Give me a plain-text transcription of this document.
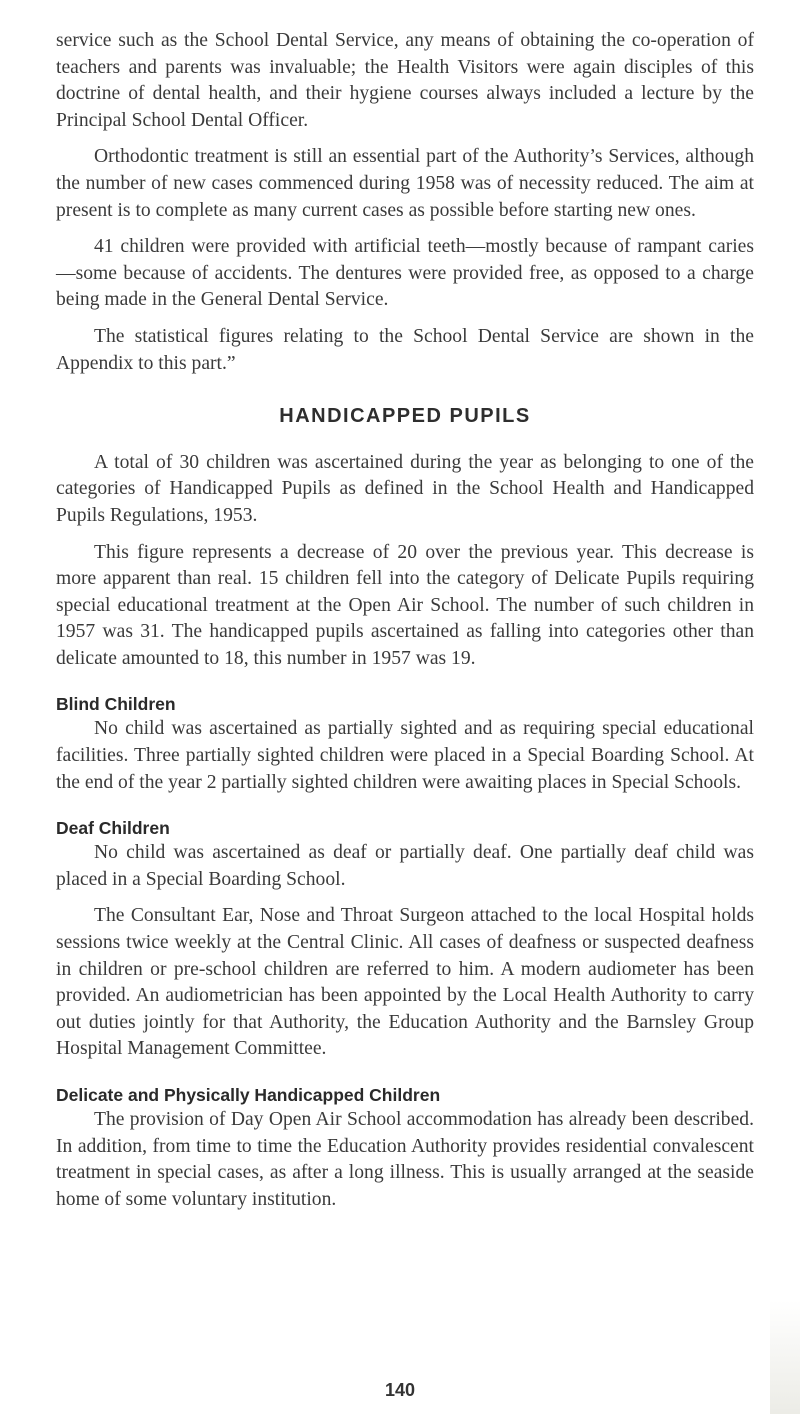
service such as the School Dental Service, any means of obtaining the co-operation of teachers and parents was invaluable; the Health Visitors were again disciples of this doctrine of dental health, and their hygiene courses always included a lecture by the Principal School Dental Officer.

Orthodontic treatment is still an essential part of the Authority’s Services, although the number of new cases commenced during 1958 was of necessity reduced. The aim at present is to complete as many current cases as possible before starting new ones.

41 children were provided with artificial teeth—mostly because of rampant caries—some because of accidents. The dentures were provided free, as opposed to a charge being made in the General Dental Service.

The statistical figures relating to the School Dental Service are shown in the Appendix to this part.”

HANDICAPPED PUPILS

A total of 30 children was ascertained during the year as belonging to one of the categories of Handicapped Pupils as defined in the School Health and Handicapped Pupils Regulations, 1953.

This figure represents a decrease of 20 over the previous year. This decrease is more apparent than real. 15 children fell into the category of Delicate Pupils requiring special educational treatment at the Open Air School. The number of such children in 1957 was 31. The handicapped pupils ascertained as falling into categories other than delicate amounted to 18, this number in 1957 was 19.

Blind Children

No child was ascertained as partially sighted and as requiring special educational facilities. Three partially sighted children were placed in a Special Boarding School. At the end of the year 2 partially sighted children were awaiting places in Special Schools.

Deaf Children

No child was ascertained as deaf or partially deaf. One partially deaf child was placed in a Special Boarding School.

The Consultant Ear, Nose and Throat Surgeon attached to the local Hospital holds sessions twice weekly at the Central Clinic. All cases of deafness or suspected deafness in children or pre-school children are referred to him. A modern audiometer has been provided. An audiometrician has been appointed by the Local Health Authority to carry out duties jointly for that Authority, the Education Authority and the Barnsley Group Hospital Management Committee.

Delicate and Physically Handicapped Children

The provision of Day Open Air School accommodation has already been described. In addition, from time to time the Education Authority provides residential convalescent treatment in special cases, as after a long illness. This is usually arranged at the seaside home of some voluntary institution.

140
